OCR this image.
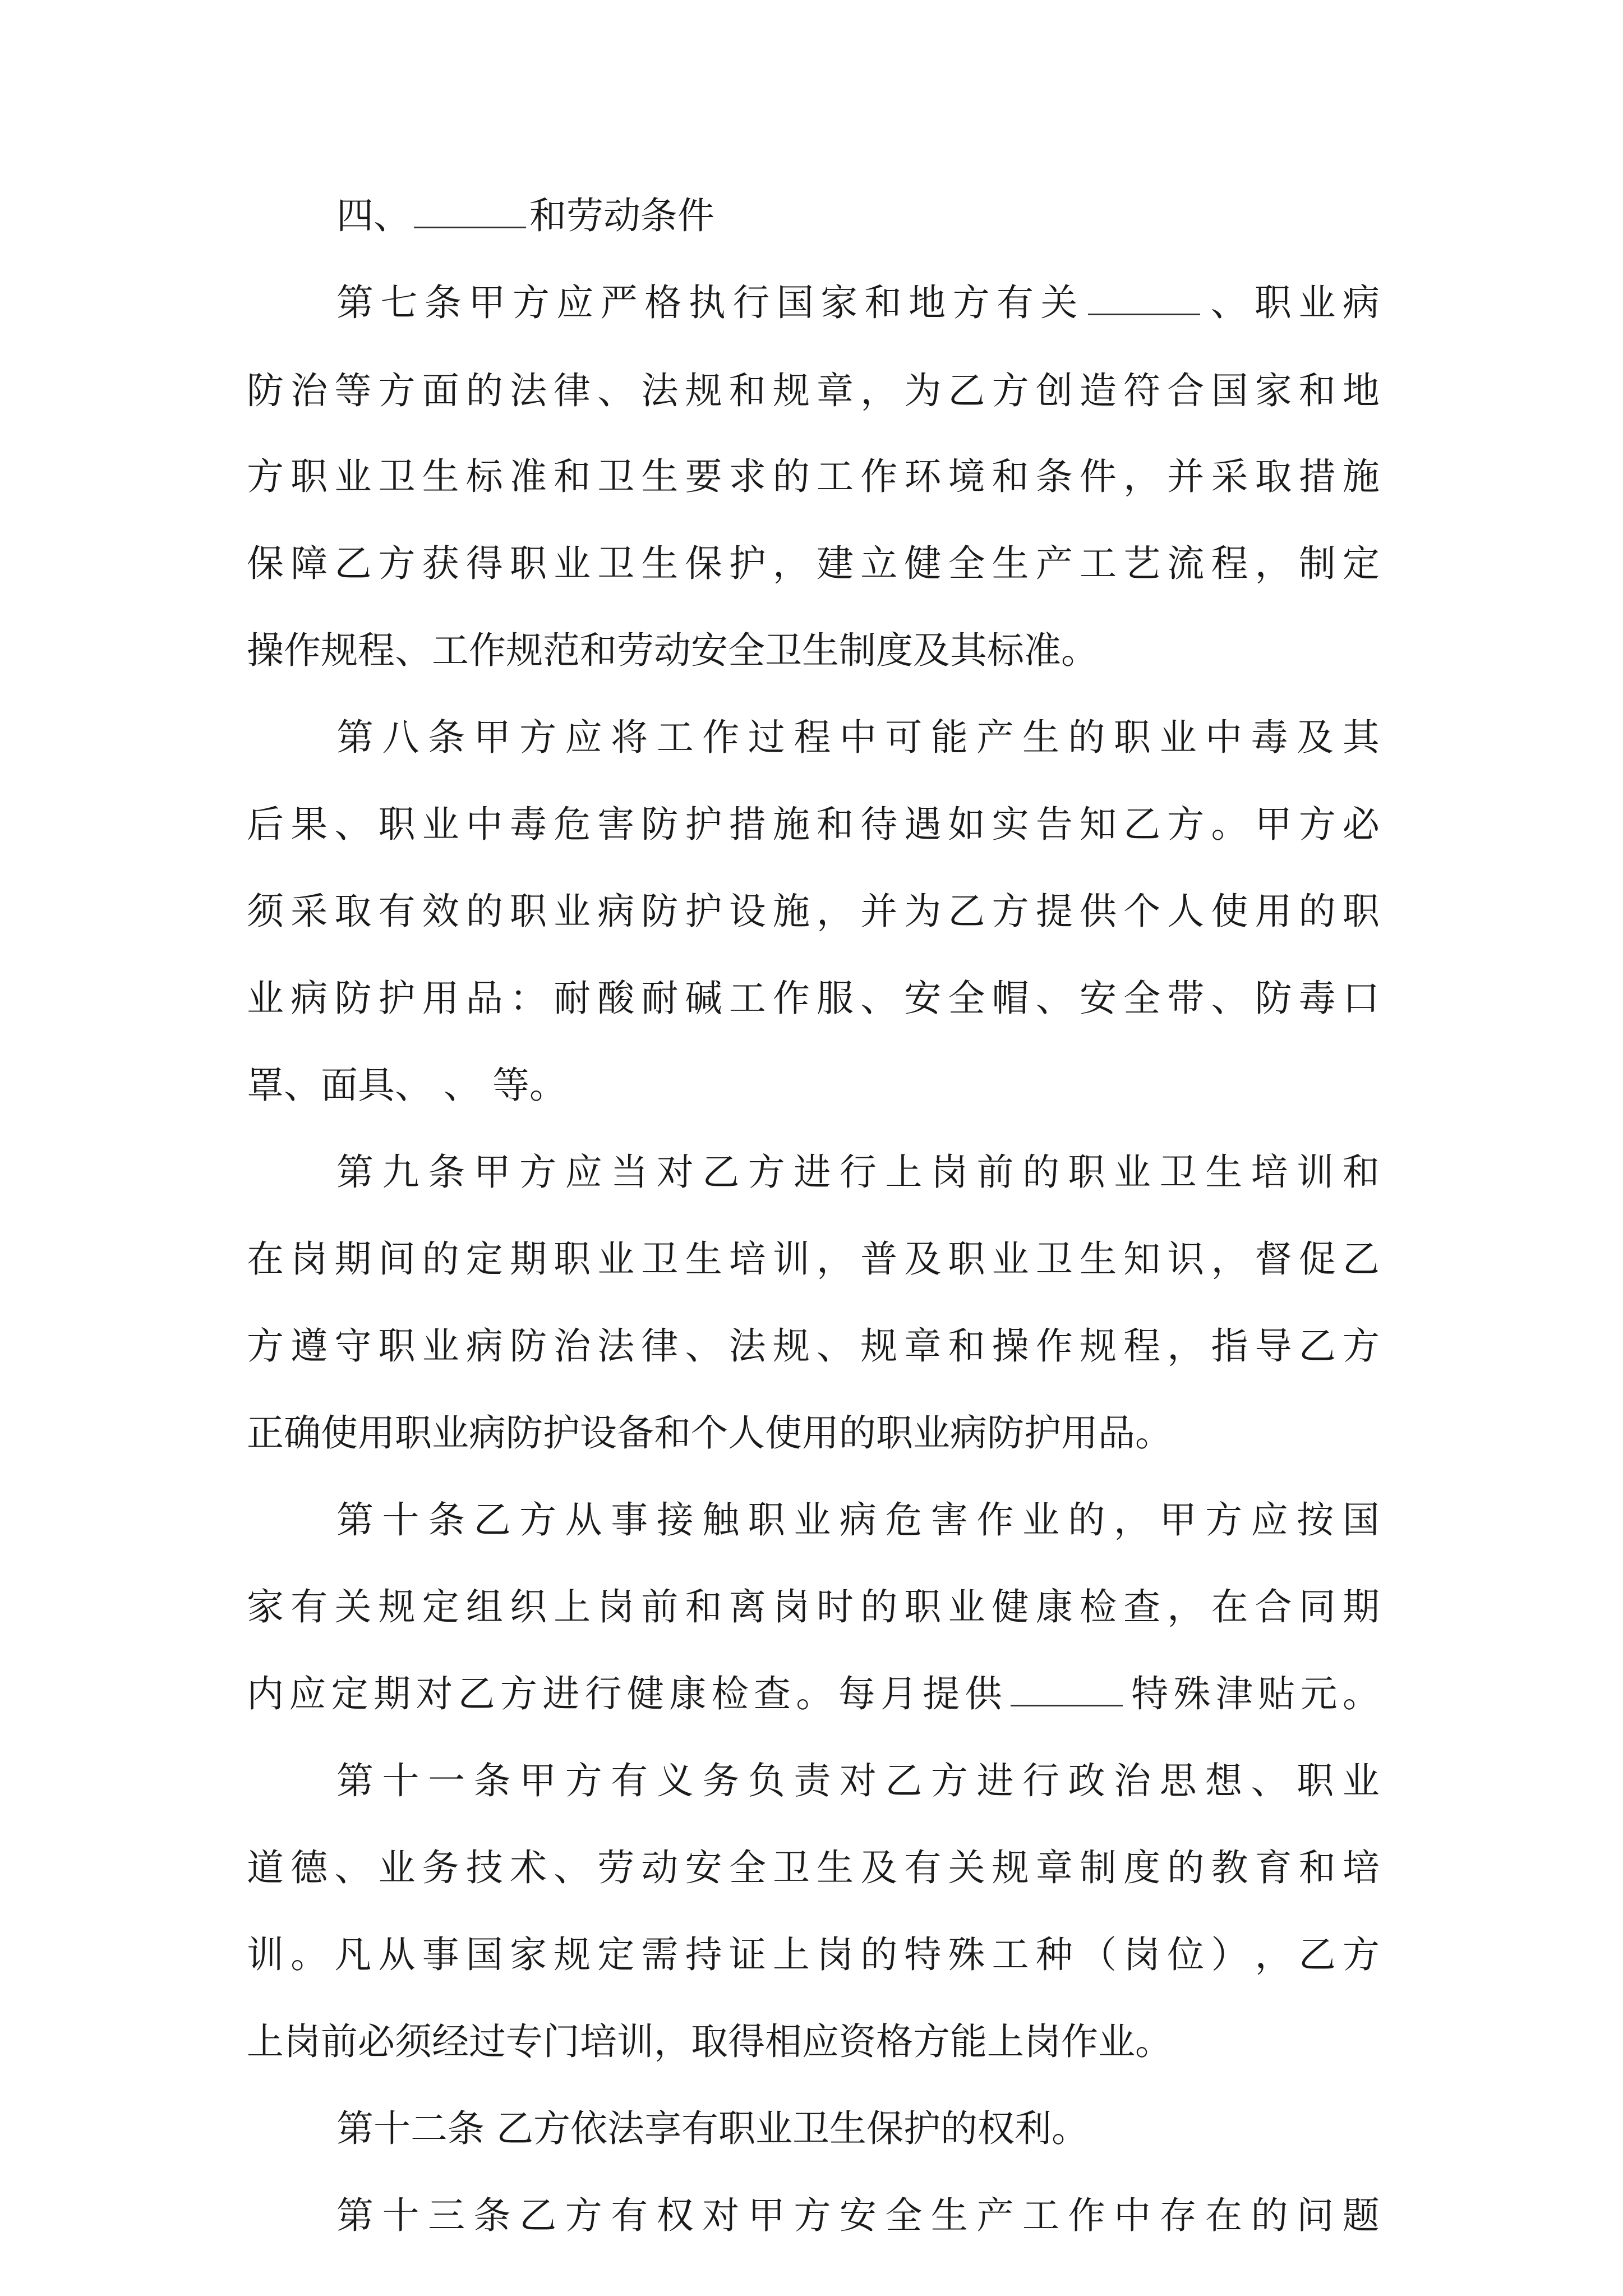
四、	和劳动条件
第 七 条 甲 方 应 严 格 执 行 国 家 和 地 方 有 关	、 职 业 病
防 治 等 方 面 的 法 律 、 法 规 和 规 章 ， 为 乙 方 创 造 符 合 国 家 和 地
方 职 业 卫 生 标 准 和 卫 生 要 求 的 工 作 环 境 和 条 件 ， 并 采 取 措 施
保 障 乙 方 获 得 职 业 卫 生 保 护 ， 建 立 健 全 生 产 工 艺 流 程 ， 制 定
操作规程、工作规范和劳动安全卫生制度及其标准。
第 八 条 甲 方 应 将 工 作 过 程 中 可 能 产 生 的 职 业 中 毒 及 其
后 果 、 职 业 中 毒 危 害 防 护 措 施 和 待 遇 如 实 告 知 乙 方 。 甲 方 必
须 采 取 有 效 的 职 业 病 防 护 设 施 ， 并 为 乙 方 提 供 个 人 使 用 的 职
业 病 防 护 用 品 ： 耐 酸 耐 碱 工 作 服 、 安 全 帽 、 安 全 带 、 防 毒 口
罩、面具、 、 等。
第 九 条 甲 方 应 当 对 乙 方 进 行 上 岗 前 的 职 业 卫 生 培 训 和
在 岗 期 间 的 定 期 职 业 卫 生 培 训 ， 普 及 职 业 卫 生 知 识 ， 督 促 乙
方 遵 守 职 业 病 防 治 法 律 、 法 规 、 规 章 和 操 作 规 程 ， 指 导 乙 方
正确使用职业病防护设备和个人使用的职业病防护用品。
第 十 条 乙 方 从 事 接 触 职 业 病 危 害 作 业 的 ， 甲 方 应 按 国
家 有 关 规 定 组 织 上 岗 前 和 离 岗 时 的 职 业 健 康 检 查 ， 在 合 同 期
内 应 定 期 对 乙 方 进 行 健 康 检 查 。 每 月 提 供	特 殊 津 贴 元 。
第 十 一 条 甲 方 有 义 务 负 责 对 乙 方 进 行 政 治 思 想 、 职 业
道 德 、 业 务 技 术 、 劳 动 安 全 卫 生 及 有 关 规 章 制 度 的 教 育 和 培
训 。 凡 从 事 国 家 规 定 需 持 证 上 岗 的 特 殊 工 种 （ 岗 位 ） ， 乙 方
上岗前必须经过专门培训，取得相应资格方能上岗作业。
第十二条 乙方依法享有职业卫生保护的权利。
第 十 三 条 乙 方 有 权 对 甲 方 安 全 生 产 工 作 中 存 在 的 问 题
